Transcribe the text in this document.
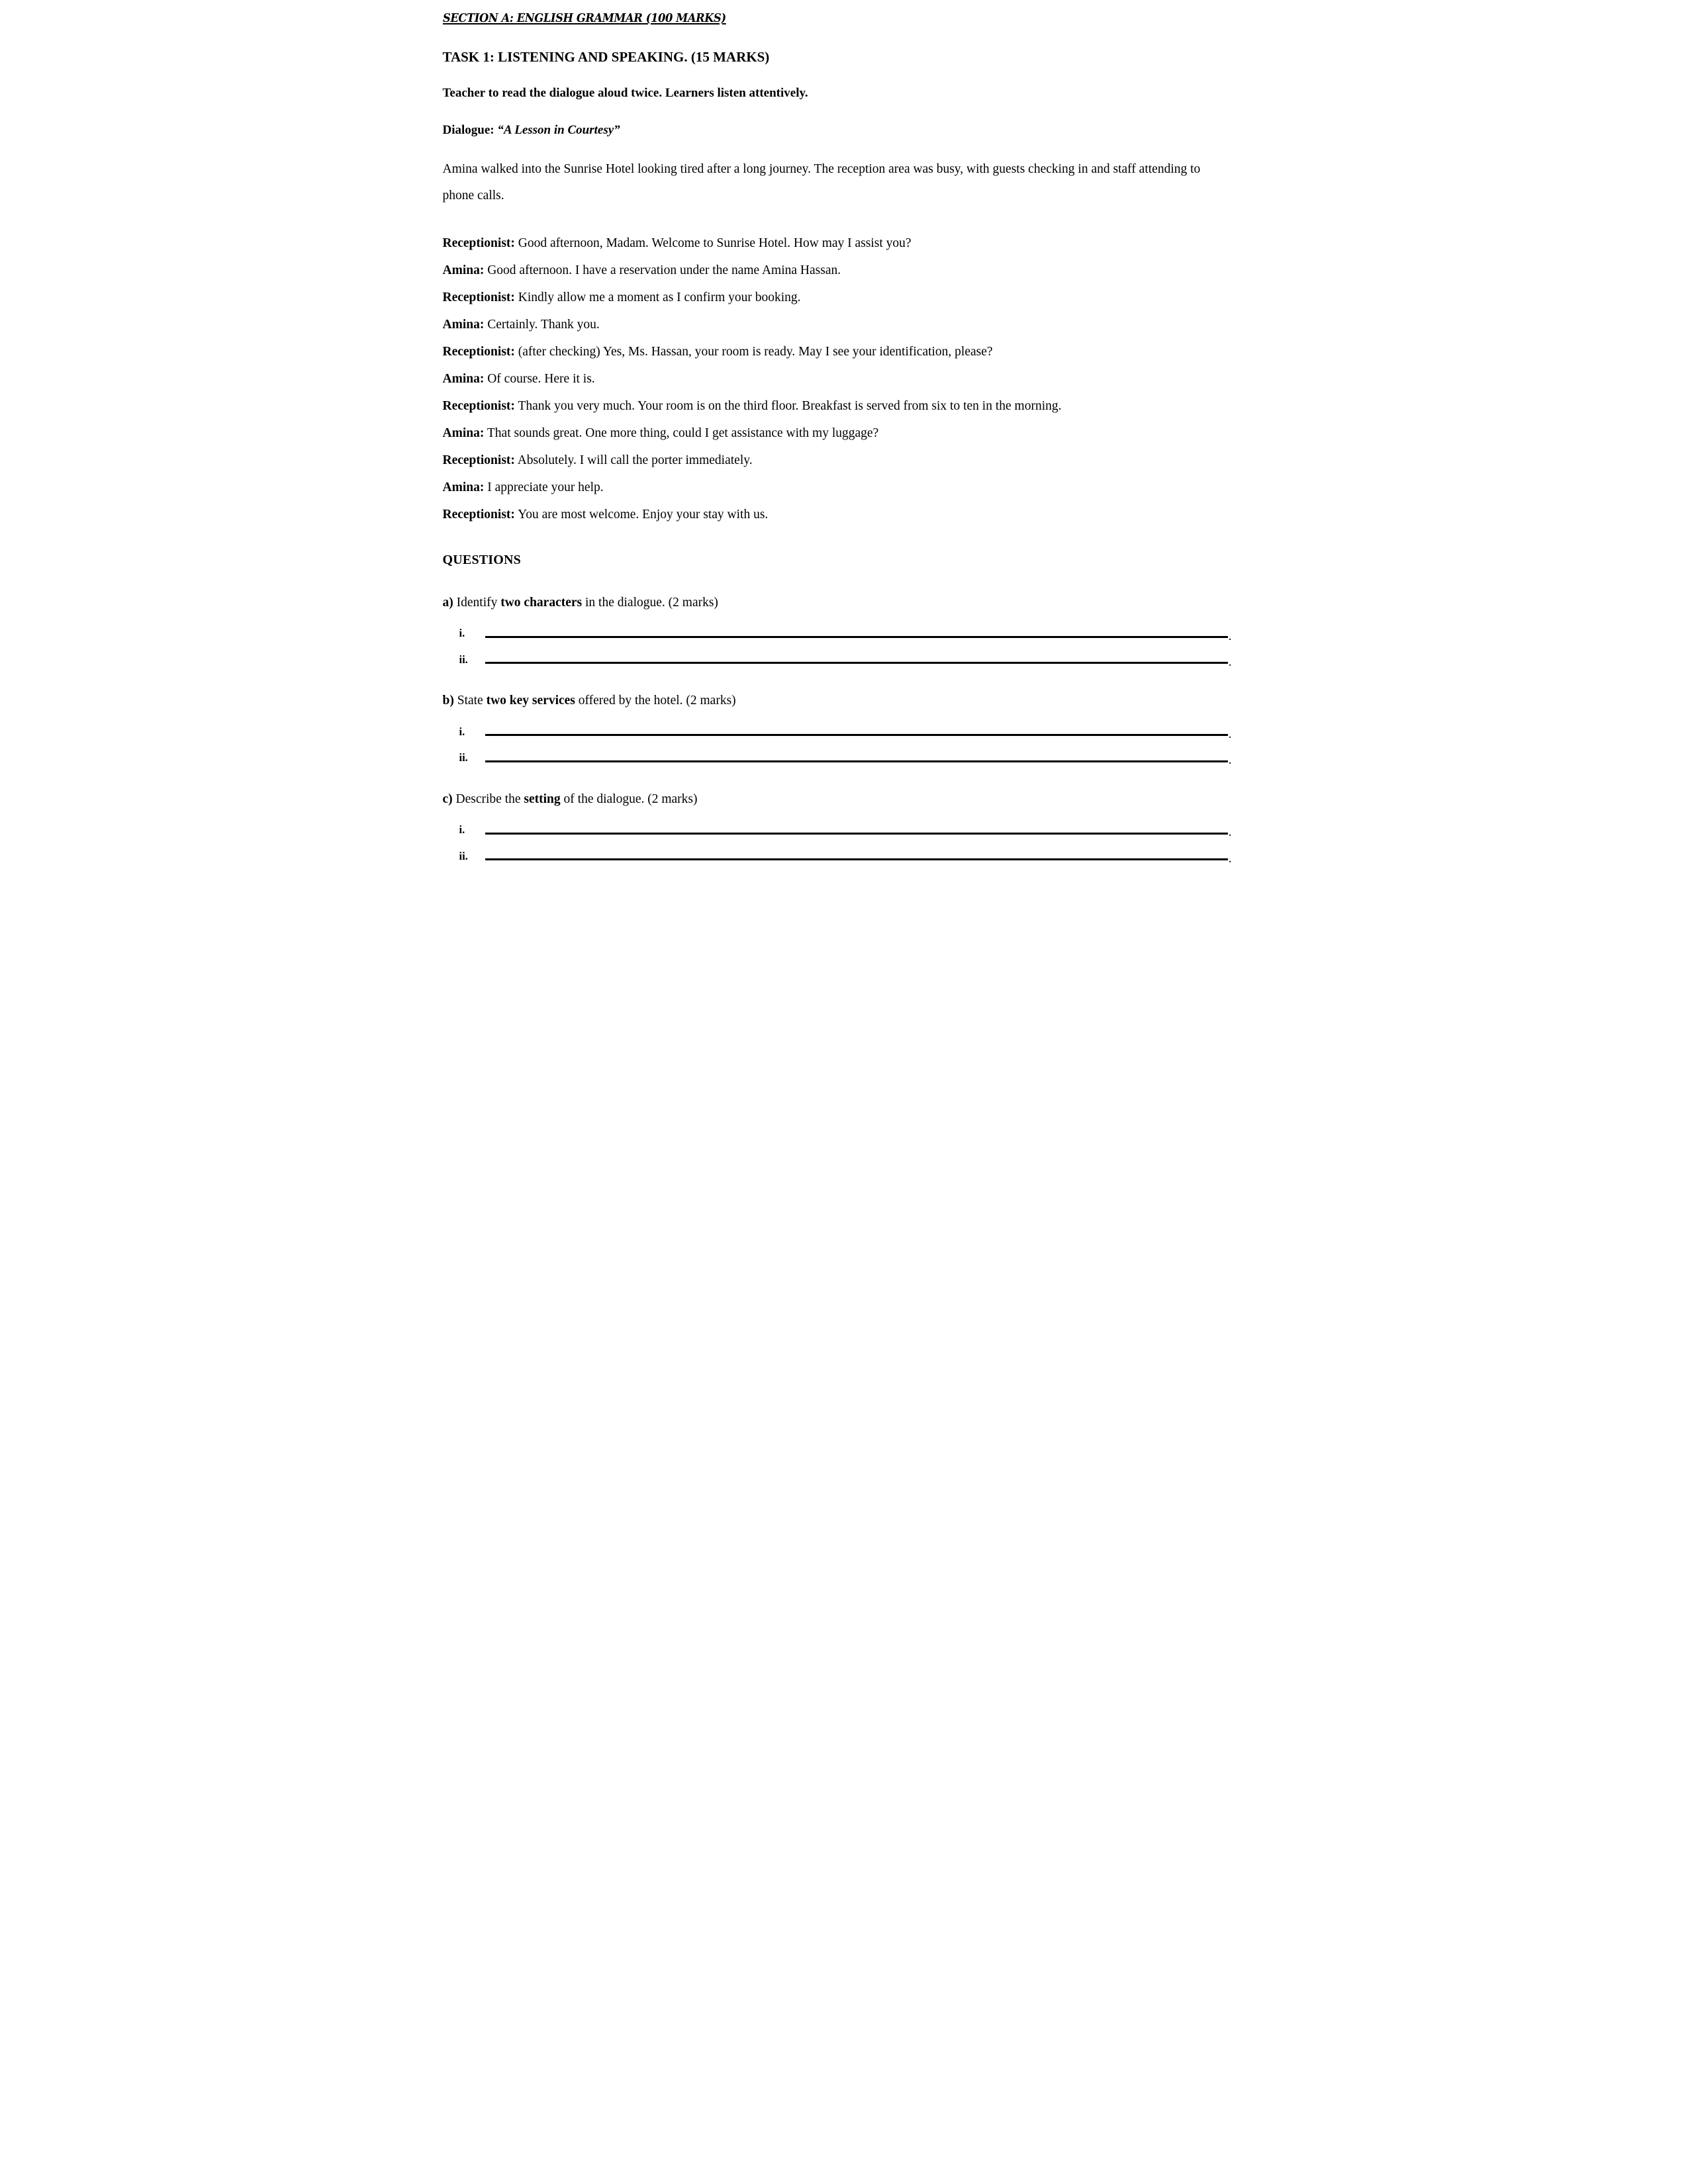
SECTION A: ENGLISH GRAMMAR (100 MARKS)
TASK 1: LISTENING AND SPEAKING. (15 MARKS)

Teacher to read the dialogue aloud twice. Learners listen attentively.

Dialogue: “A Lesson in Courtesy”

Amina walked into the Sunrise Hotel looking tired after a long journey. The reception area was busy, with guests checking in and staff attending to phone calls.

Receptionist: Good afternoon, Madam. Welcome to Sunrise Hotel. How may I assist you?

Amina: Good afternoon. I have a reservation under the name Amina Hassan.

Receptionist: Kindly allow me a moment as I confirm your booking.

Amina: Certainly. Thank you.

Receptionist: (after checking) Yes, Ms. Hassan, your room is ready. May I see your identification, please?

Amina: Of course. Here it is.

Receptionist: Thank you very much. Your room is on the third floor. Breakfast is served from six to ten in the morning.

Amina: That sounds great. One more thing, could I get assistance with my luggage?

Receptionist: Absolutely. I will call the porter immediately.

Amina: I appreciate your help.

Receptionist: You are most welcome. Enjoy your stay with us.

QUESTIONS

a) Identify two characters in the dialogue. (2 marks)

i.	.
ii.	.

b) State two key services offered by the hotel. (2 marks)

i.	.
ii.	.

c) Describe the setting of the dialogue. (2 marks)

i.	.
ii.	.
